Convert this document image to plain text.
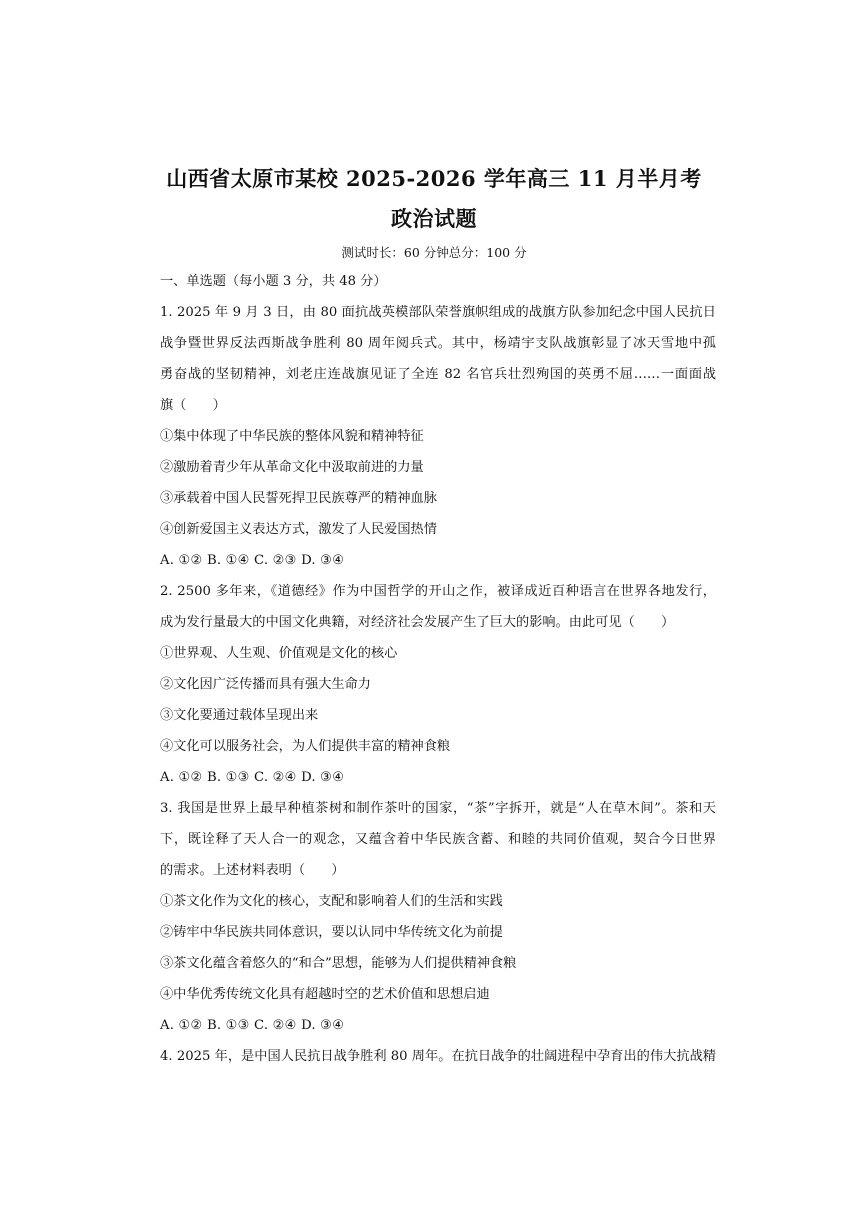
山西省太原市某校 2025-2026 学年高三 11 月半月考
政治试题
测试时长：60 分钟总分：100 分
一、单选题（每小题 3 分，共 48 分）
1. 2025 年 9 月 3 日，由 80 面抗战英模部队荣誉旗帜组成的战旗方队参加纪念中国人民抗日
战争暨世界反法西斯战争胜利 80 周年阅兵式。其中，杨靖宇支队战旗彰显了冰天雪地中孤
勇奋战的坚韧精神，刘老庄连战旗见证了全连 82 名官兵壮烈殉国的英勇不屈……一面面战
旗（　　）
①集中体现了中华民族的整体风貌和精神特征
②激励着青少年从革命文化中汲取前进的力量
③承载着中国人民誓死捍卫民族尊严的精神血脉
④创新爱国主义表达方式，激发了人民爱国热情
A. ①② B. ①④ C. ②③ D. ③④
2. 2500 多年来，《道德经》作为中国哲学的开山之作，被译成近百种语言在世界各地发行，
成为发行量最大的中国文化典籍，对经济社会发展产生了巨大的影响。由此可见（　　）
①世界观、人生观、价值观是文化的核心
②文化因广泛传播而具有强大生命力
③文化要通过载体呈现出来
④文化可以服务社会，为人们提供丰富的精神食粮
A. ①② B. ①③ C. ②④ D. ③④
3. 我国是世界上最早种植茶树和制作茶叶的国家，“茶”字拆开，就是“人在草木间”。茶和天
下，既诠释了天人合一的观念，又蕴含着中华民族含蓄、和睦的共同价值观，契合今日世界
的需求。上述材料表明（　　）
①茶文化作为文化的核心，支配和影响着人们的生活和实践
②铸牢中华民族共同体意识，要以认同中华传统文化为前提
③茶文化蕴含着悠久的“和合”思想，能够为人们提供精神食粮
④中华优秀传统文化具有超越时空的艺术价值和思想启迪
A. ①② B. ①③ C. ②④ D. ③④
4. 2025 年，是中国人民抗日战争胜利 80 周年。在抗日战争的壮阔进程中孕育出的伟大抗战精
